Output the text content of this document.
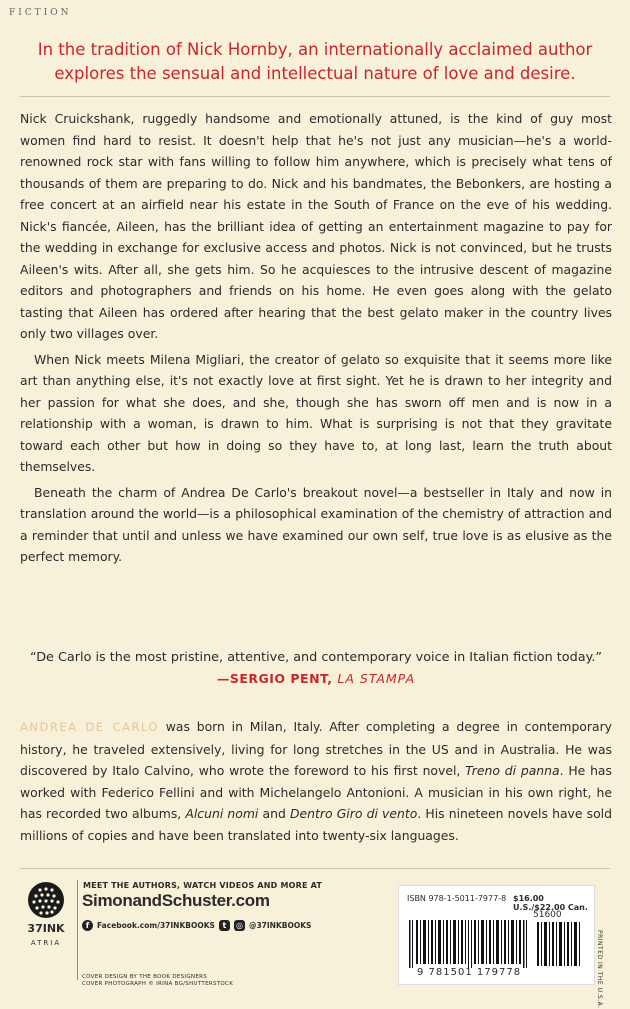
FICTION
In the tradition of Nick Hornby, an internationally acclaimed author explores the sensual and intellectual nature of love and desire.

Nick Cruickshank, ruggedly handsome and emotionally attuned, is the kind of guy most women find hard to resist. It doesn't help that he's not just any musician—he's a world-renowned rock star with fans willing to follow him anywhere, which is precisely what tens of thousands of them are preparing to do. Nick and his bandmates, the Bebonkers, are hosting a free concert at an airfield near his estate in the South of France on the eve of his wedding. Nick's fiancée, Aileen, has the brilliant idea of getting an entertainment magazine to pay for the wedding in exchange for exclusive access and photos. Nick is not convinced, but he trusts Aileen's wits. After all, she gets him. So he acquiesces to the intrusive descent of magazine editors and photographers and friends on his home. He even goes along with the gelato tasting that Aileen has ordered after hearing that the best gelato maker in the country lives only two villages over.

When Nick meets Milena Migliari, the creator of gelato so exquisite that it seems more like art than anything else, it's not exactly love at first sight. Yet he is drawn to her integrity and her passion for what she does, and she, though she has sworn off men and is now in a relationship with a woman, is drawn to him. What is surprising is not that they gravitate toward each other but how in doing so they have to, at long last, learn the truth about themselves.

Beneath the charm of Andrea De Carlo's breakout novel—a bestseller in Italy and now in translation around the world—is a philosophical examination of the chemistry of attraction and a reminder that until and unless we have examined our own self, true love is as elusive as the perfect memory.

“De Carlo is the most pristine, attentive, and contemporary voice in Italian fiction today.”
—SERGIO PENT, LA STAMPA
ANDREA DE CARLO was born in Milan, Italy. After completing a degree in contemporary history, he traveled extensively, living for long stretches in the US and in Australia. He was discovered by Italo Calvino, who wrote the foreword to his first novel, Treno di panna. He has worked with Federico Fellini and with Michelangelo Antonioni. A musician in his own right, he has recorded two albums, Alcuni nomi and Dentro Giro di vento. His nineteen novels have sold millions of copies and have been translated into twenty-six languages.
37INK
ATRIA
MEET THE AUTHORS, WATCH VIDEOS AND MORE AT
SimonandSchuster.com
f	Facebook.com/37INKBOOKS t	◎ @37INKBOOKS
COVER DESIGN BY THE BOOK DESIGNERS
COVER PHOTOGRAPH © IRINA BG/SHUTTERSTOCK
ISBN 978-1-5011-7977-8 $16.00 U.S./$22.00 Can.
51600
9 781501 179778	PRINTED IN THE U.S.A.
